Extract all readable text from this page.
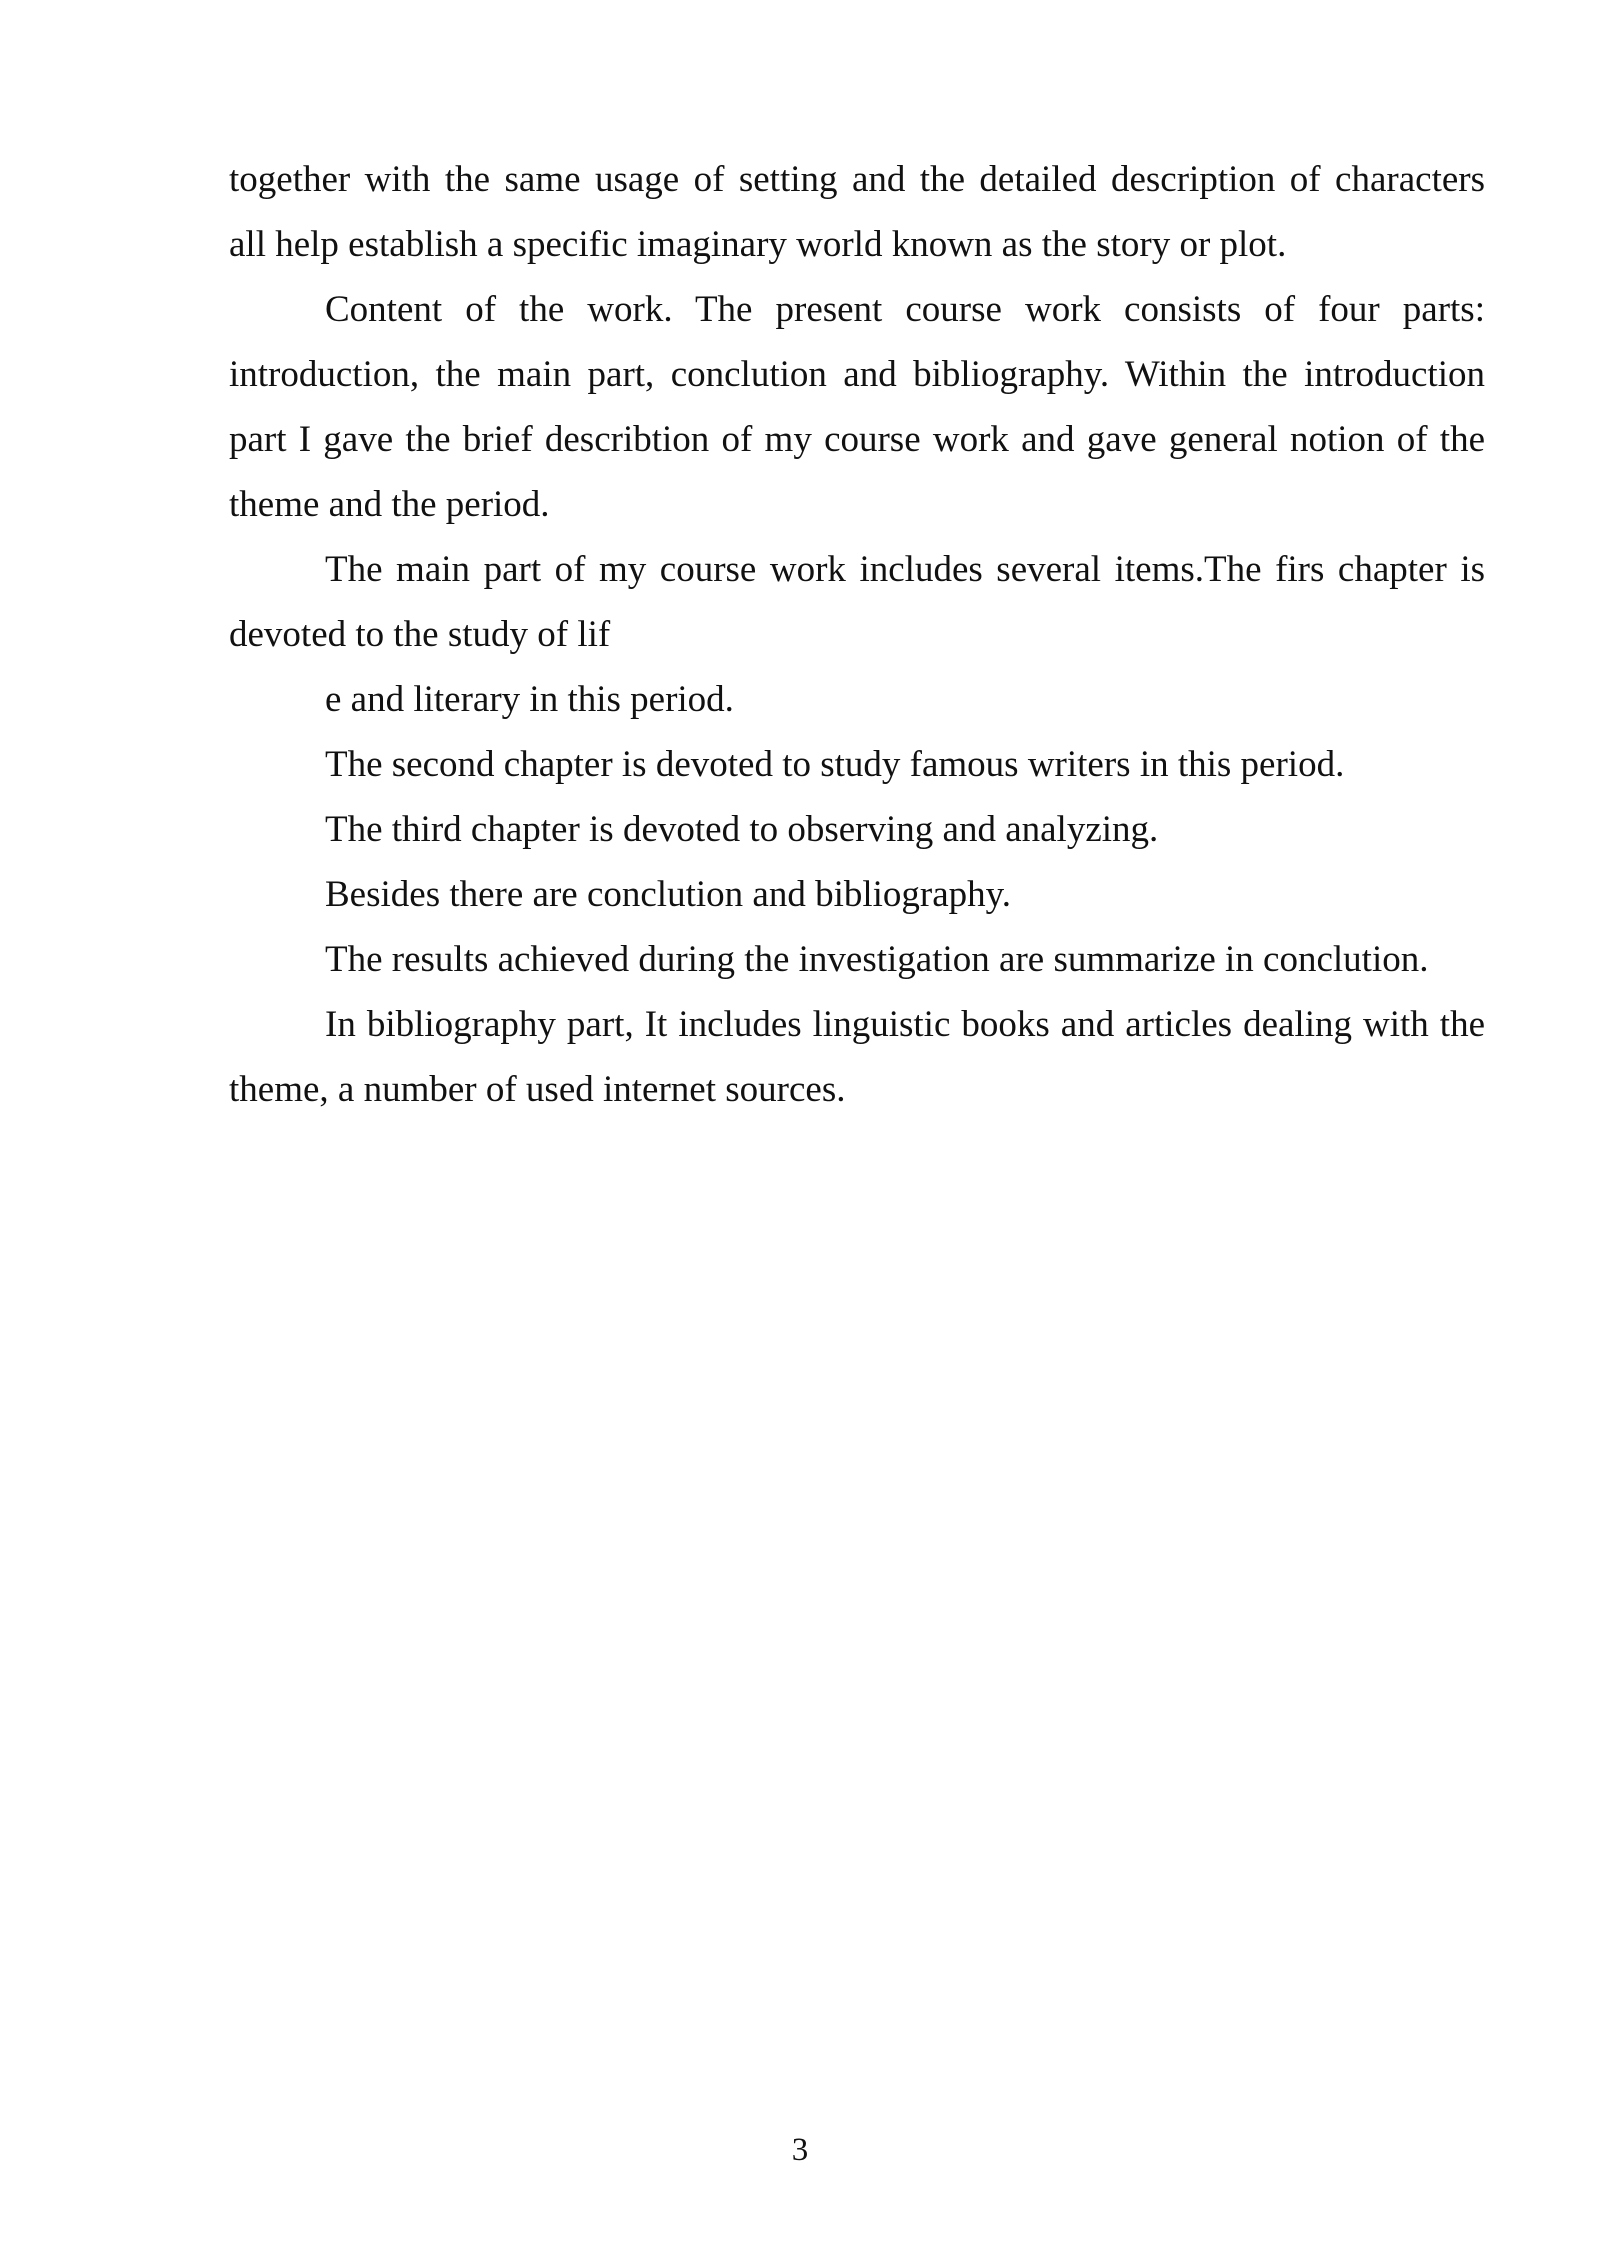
together with the same usage of setting and the detailed description of characters
all help establish a specific imaginary world known as the story or plot.
Content of the work. The present course work consists of four parts:
introduction, the main part, conclution and bibliography. Within the introduction
part I gave the brief describtion of my course work and gave general notion of the
theme and the period.
The main part of my course work includes several items.The firs chapter is
devoted to the study of lif
e and literary in this period.
The second chapter is devoted to study famous writers in this period.
The third chapter is devoted to observing and analyzing.
Besides there are conclution and bibliography.
The results achieved during the investigation are summarize in conclution.
In bibliography part, It includes linguistic books and articles dealing with the
theme, a number of used internet sources.
3
